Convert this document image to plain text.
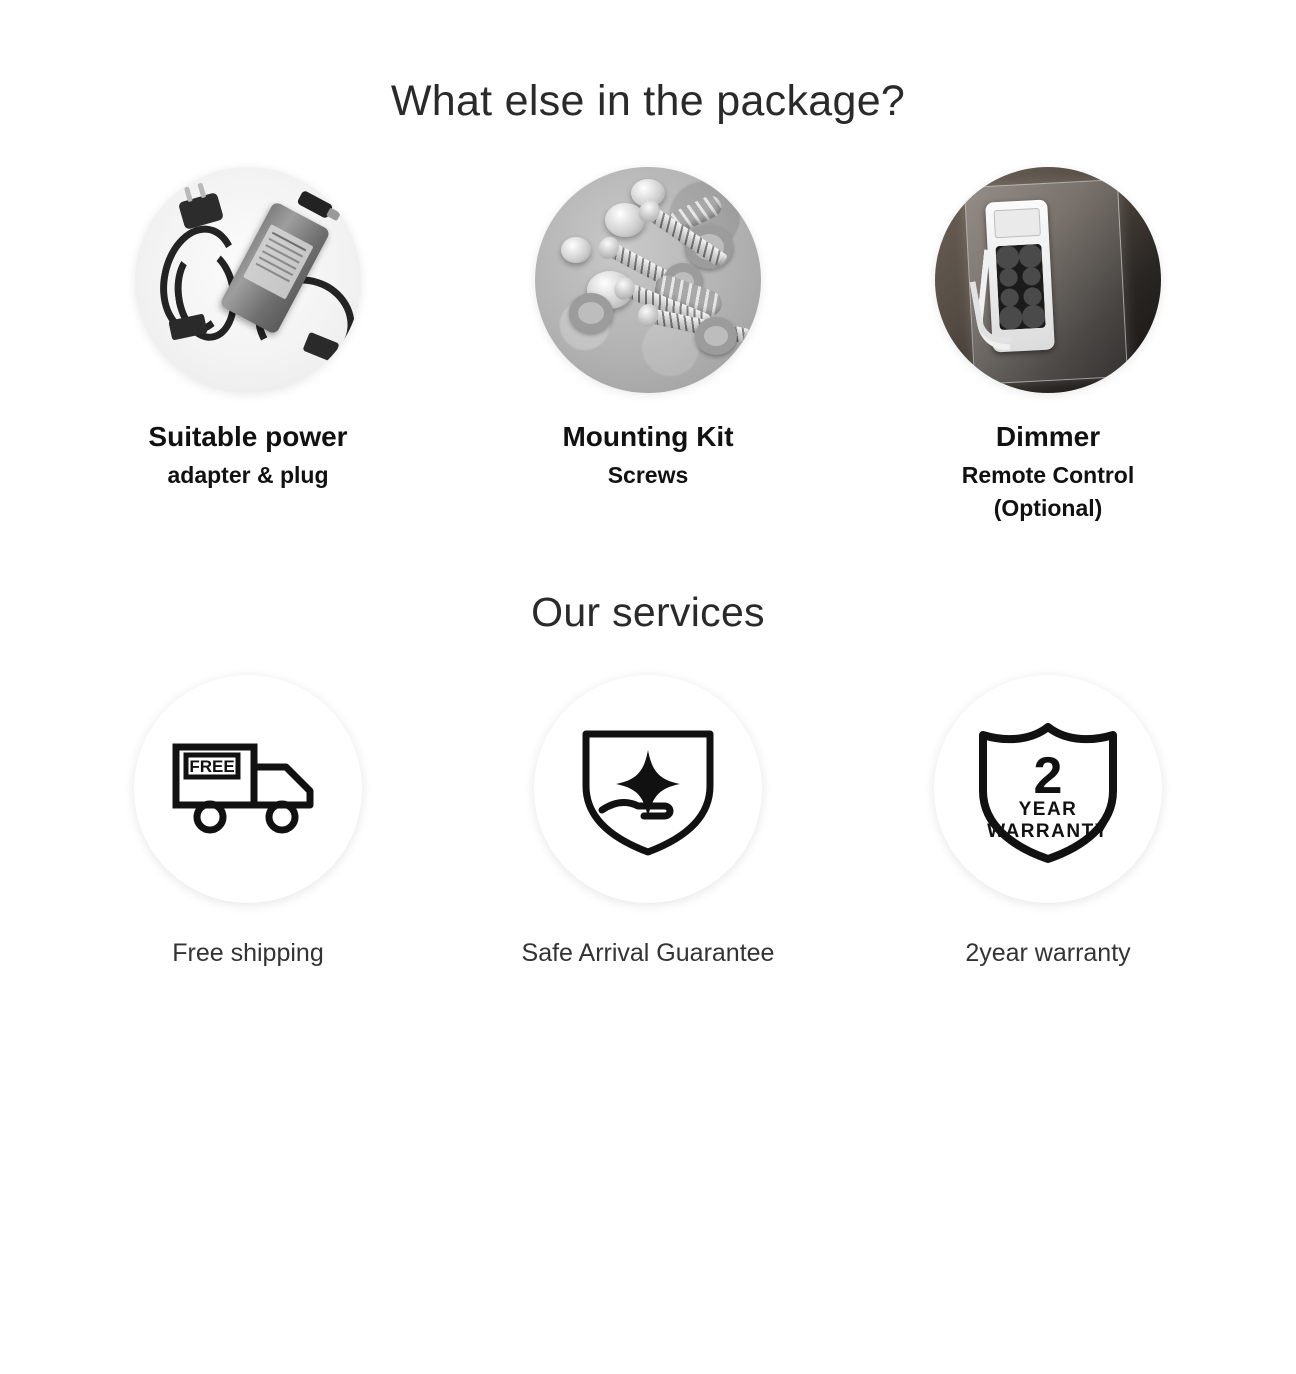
What else in the package?
Suitable power
adapter & plug
Mounting Kit
Screws
Dimmer
Remote Control
(Optional)
Our services
FREE
Free shipping	Safe Arrival Guarantee
2
YEAR
WARRANTY
2year warranty
